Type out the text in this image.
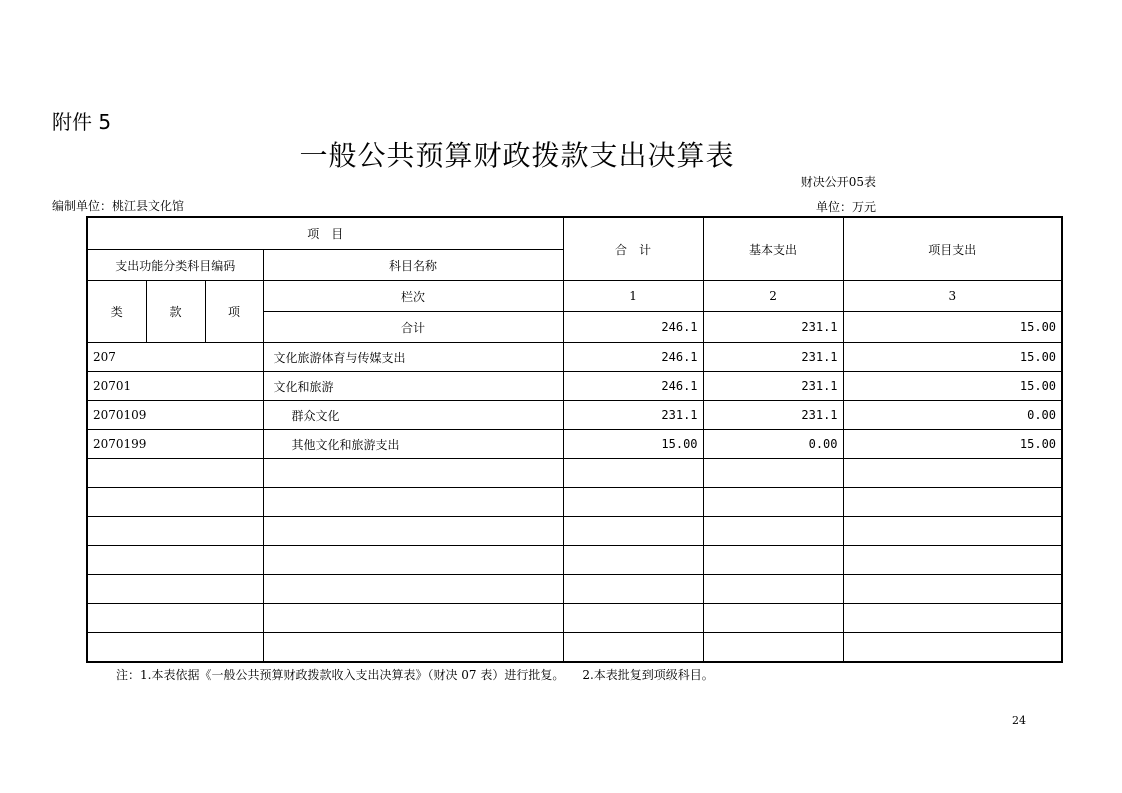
附件 5
一般公共预算财政拨款支出决算表
财决公开05表
编制单位：桃江县文化馆	单位：万元
项　目				合　计	基本支出	项目支出
支出功能分类科目编码			科目名称			
类	款	项	栏次	1	2	3
			合计	246.1	231.1	15.00
207			文化旅游体育与传媒支出	246.1	231.1	15.00
20701			文化和旅游	246.1	231.1	15.00
2070109			群众文化	231.1	231.1	0.00
2070199			其他文化和旅游支出	15.00	0.00	15.00

注：1.本表依据《一般公共预算财政拨款收入支出决算表》（财决 07 表）进行批复。　　2.本表批复到项级科目。
24
